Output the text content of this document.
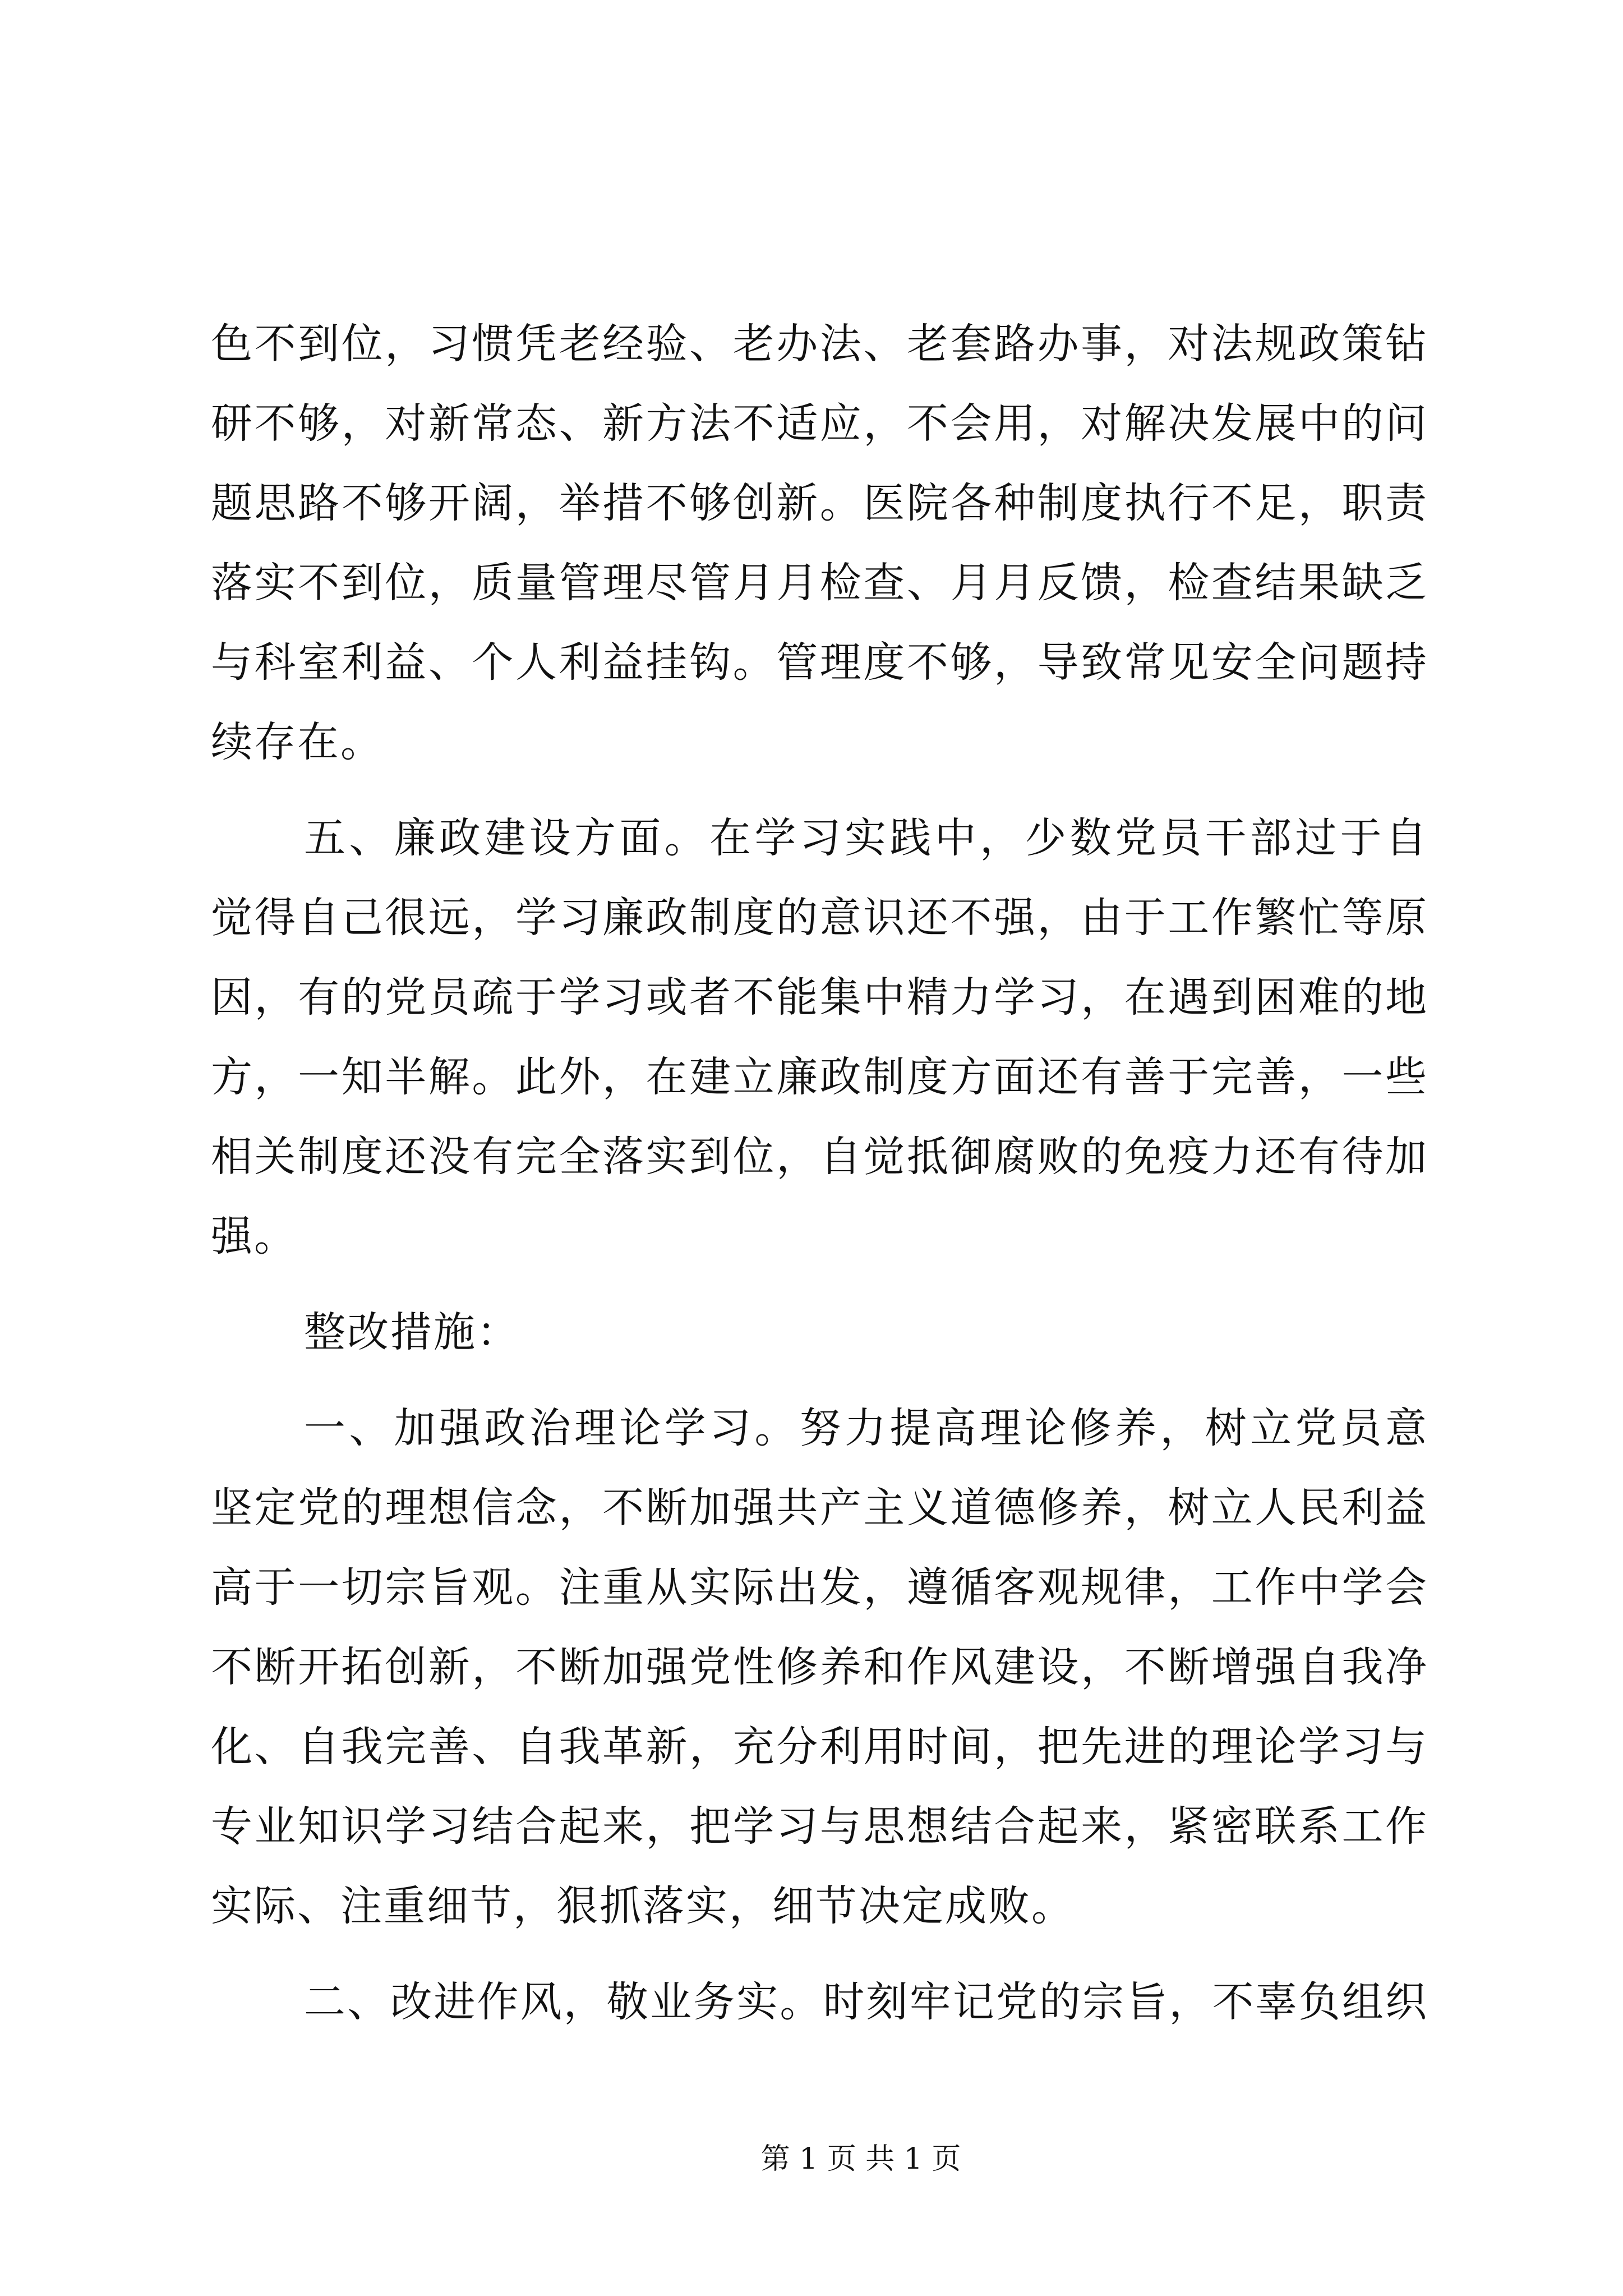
色不到位，习惯凭老经验、老办法、老套路办事，对法规政策钻
研不够，对新常态、新方法不适应，不会用，对解决发展中的问
题思路不够开阔，举措不够创新。医院各种制度执行不足，职责
落实不到位，质量管理尽管月月检查、月月反馈，检查结果缺乏
与科室利益、个人利益挂钩。管理度不够，导致常见安全问题持
续存在。
五、廉政建设方面。在学习实践中，少数党员干部过于自
觉得自己很远，学习廉政制度的意识还不强，由于工作繁忙等原
因，有的党员疏于学习或者不能集中精力学习，在遇到困难的地
方，一知半解。此外，在建立廉政制度方面还有善于完善，一些
相关制度还没有完全落实到位，自觉抵御腐败的免疫力还有待加
强。
整改措施：
一、加强政治理论学习。努力提高理论修养，树立党员意
坚定党的理想信念，不断加强共产主义道德修养，树立人民利益
高于一切宗旨观。注重从实际出发，遵循客观规律，工作中学会
不断开拓创新，不断加强党性修养和作风建设，不断增强自我净
化、自我完善、自我革新，充分利用时间，把先进的理论学习与
专业知识学习结合起来，把学习与思想结合起来，紧密联系工作
实际、注重细节，狠抓落实，细节决定成败。
二、改进作风，敬业务实。时刻牢记党的宗旨，不辜负组织
第 1 页 共 1 页
